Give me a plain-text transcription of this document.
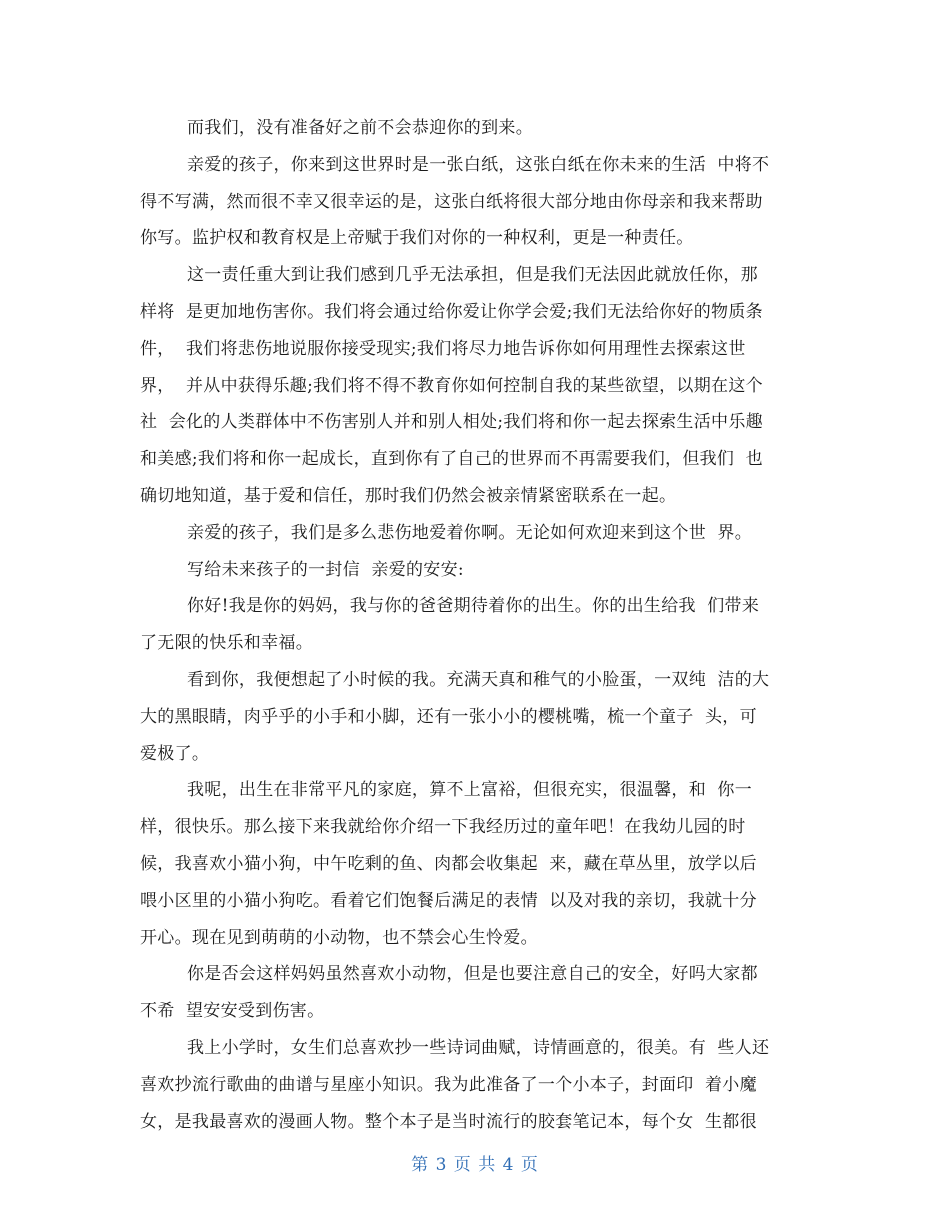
而我们，没有准备好之前不会恭迎你的到来。
亲爱的孩子，你来到这世界时是一张白纸，这张白纸在你未来的生活  中将不
得不写满，然而很不幸又很幸运的是，这张白纸将很大部分地由你母亲和我来帮助
你写。监护权和教育权是上帝赋于我们对你的一种权利，更是一种责任。
这一责任重大到让我们感到几乎无法承担，但是我们无法因此就放任你，那
样将  是更加地伤害你。我们将会通过给你爱让你学会爱;我们无法给你好的物质条
件，  我们将悲伤地说服你接受现实;我们将尽力地告诉你如何用理性去探索这世
界，  并从中获得乐趣;我们将不得不教育你如何控制自我的某些欲望，以期在这个
社  会化的人类群体中不伤害别人并和别人相处;我们将和你一起去探索生活中乐趣
和美感;我们将和你一起成长，直到你有了自己的世界而不再需要我们，但我们  也
确切地知道，基于爱和信任，那时我们仍然会被亲情紧密联系在一起。
亲爱的孩子，我们是多么悲伤地爱着你啊。无论如何欢迎来到这个世  界。
写给未来孩子的一封信  亲爱的安安:
你好!我是你的妈妈，我与你的爸爸期待着你的出生。你的出生给我  们带来
了无限的快乐和幸福。
看到你，我便想起了小时候的我。充满天真和稚气的小脸蛋，一双纯  洁的大
大的黑眼睛，肉乎乎的小手和小脚，还有一张小小的樱桃嘴，梳一个童子  头，可
爱极了。
我呢，出生在非常平凡的家庭，算不上富裕，但很充实，很温馨，和  你一
样，很快乐。那么接下来我就给你介绍一下我经历过的童年吧！在我幼儿园的时
候，我喜欢小猫小狗，中午吃剩的鱼、肉都会收集起  来，藏在草丛里，放学以后
喂小区里的小猫小狗吃。看着它们饱餐后满足的表情  以及对我的亲切，我就十分
开心。现在见到萌萌的小动物，也不禁会心生怜爱。
你是否会这样妈妈虽然喜欢小动物，但是也要注意自己的安全，好吗大家都
不希  望安安受到伤害。
我上小学时，女生们总喜欢抄一些诗词曲赋，诗情画意的，很美。有  些人还
喜欢抄流行歌曲的曲谱与星座小知识。我为此准备了一个小本子，封面印  着小魔
女，是我最喜欢的漫画人物。整个本子是当时流行的胶套笔记本，每个女  生都很
第 3 页 共 4 页
